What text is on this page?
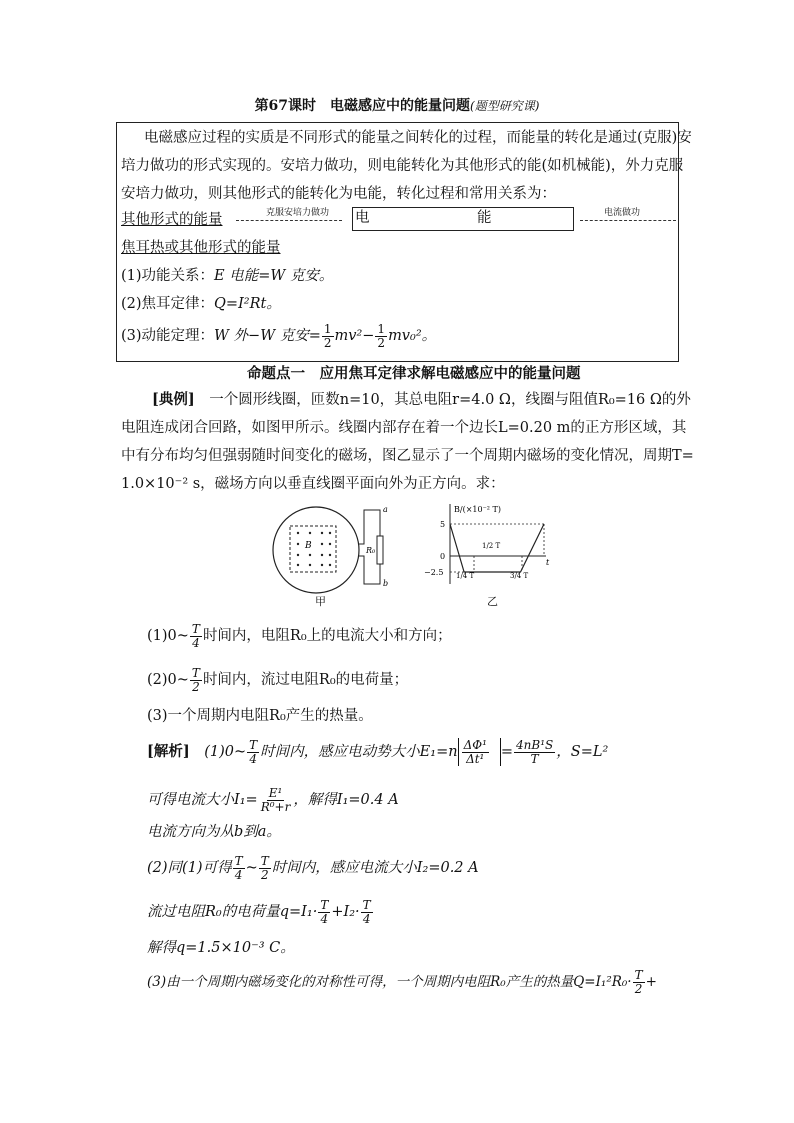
第67课时　电磁感应中的能量问题(题型研究课)
电磁感应过程的实质是不同形式的能量之间转化的过程，而能量的转化是通过(克服)安
培力做功的形式实现的。安培力做功，则电能转化为其他形式的能(如机械能)，外力克服
安培力做功，则其他形式的能转化为电能，转化过程和常用关系为：
其他形式的能量	克服安培力做功 电	能	电流做功
焦耳热或其他形式的能量
(1)功能关系：E 电能=W 克安。
(2)焦耳定律：Q=I²Rt。
(3)动能定理：W 外−W 克安= $\frac{1}{2} mv^2- \frac{1}{2} mv_0^2$。
命题点一　应用焦耳定律求解电磁感应中的能量问题
[典例]　 一个圆形线圈，匝数n=10，其总电阻r=4.0 Ω，线圈与阻值R₀=16 Ω的外
电阻连成闭合回路，如图甲所示。线圈内部存在着一个边长L=0.20 m的正方形区域，其
中有分布均匀但强弱随时间变化的磁场，图乙显示了一个周期内磁场的变化情况，周期T=
1.0×10⁻² s，磁场方向以垂直线圈平面向外为正方向。求：
B	R₀
a
b
甲
B/(×10⁻² T)
5
0
−2.5
t
1/2 T
1/4 T	3/4 T
乙
(1)0~ $\frac{T}{4}$ 时间内，电阻R₀上的电流大小和方向；
(2)0~ $\frac{T}{2}$ 时间内，流过电阻R₀的电荷量；
(3)一个周期内电阻R₀产生的热量。
[解析]　 (1)0~ $\frac{T}{4}$ 时间内，感应电动势大小$E_1=n \frac{\text{ΔΦ¹}}{\text{Δt¹}} = \frac{\text{4nB¹S}}{T}$ ，S=L²
可得电流大小$I_1= \frac{\text{E¹}}{\text{R⁰+r}}$ ，解得I₁=0.4 A
电流方向为从b到a。
(2)同(1)可得 $\frac{T}{4}$ ~ $\frac{T}{2}$ 时间内，感应电流大小I₂=0.2 A
流过电阻R₀的电荷量$q=I_1\cdot \frac{T}{4} +I_2\cdot \frac{T}{4}$
解得q=1.5×10⁻³ C。
(3)由一个周期内磁场变化的对称性可得，一个周期内电阻R₀产生的热量$Q=I_1^2R_0\cdot \frac{T}{2}$ +
